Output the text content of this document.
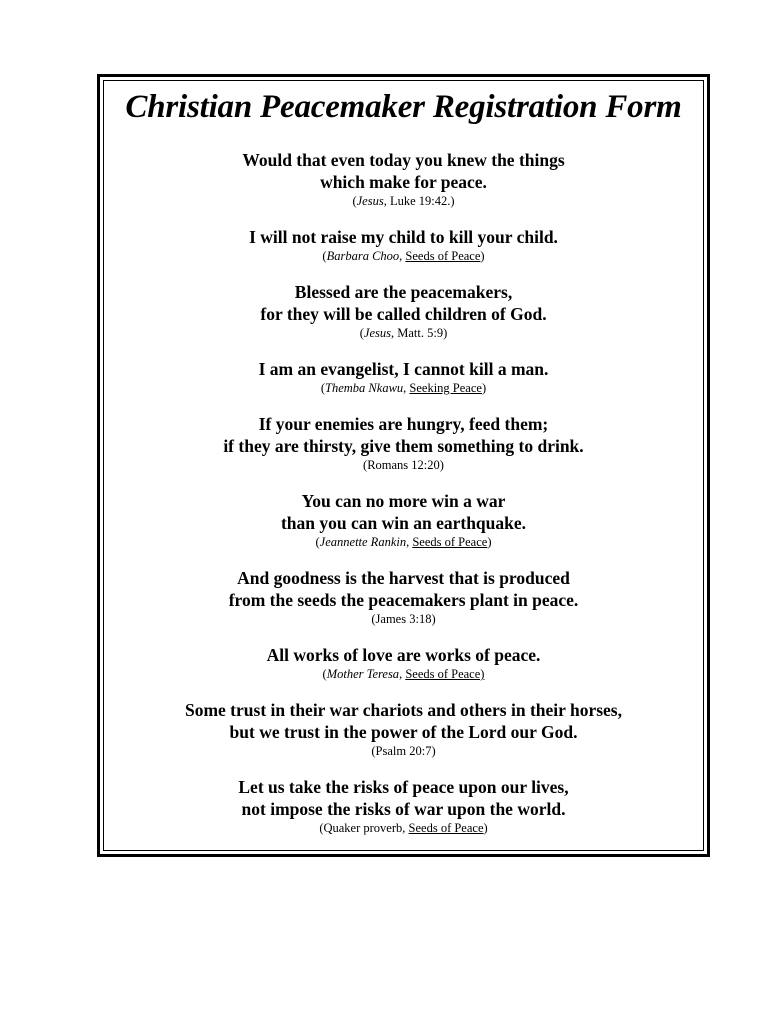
Christian Peacemaker Registration Form
Would that even today you knew the things
which make for peace.
(Jesus, Luke 19:42.)
I will not raise my child to kill your child.
(Barbara Choo, Seeds of Peace)
Blessed are the peacemakers,
for they will be called children of God.
(Jesus, Matt. 5:9)
I am an evangelist, I cannot kill a man.
(Themba Nkawu, Seeking Peace)
If your enemies are hungry, feed them;
if they are thirsty, give them something to drink.
(Romans 12:20)
You can no more win a war
than you can win an earthquake.
(Jeannette Rankin, Seeds of Peace)
And goodness is the harvest that is produced
from the seeds the peacemakers plant in peace.
(James 3:18)
All works of love are works of peace.
(Mother Teresa, Seeds of Peace)
Some trust in their war chariots and others in their horses,
but we trust in the power of the Lord our God.
(Psalm 20:7)
Let us take the risks of peace upon our lives,
not impose the risks of war upon the world.
(Quaker proverb, Seeds of Peace)
